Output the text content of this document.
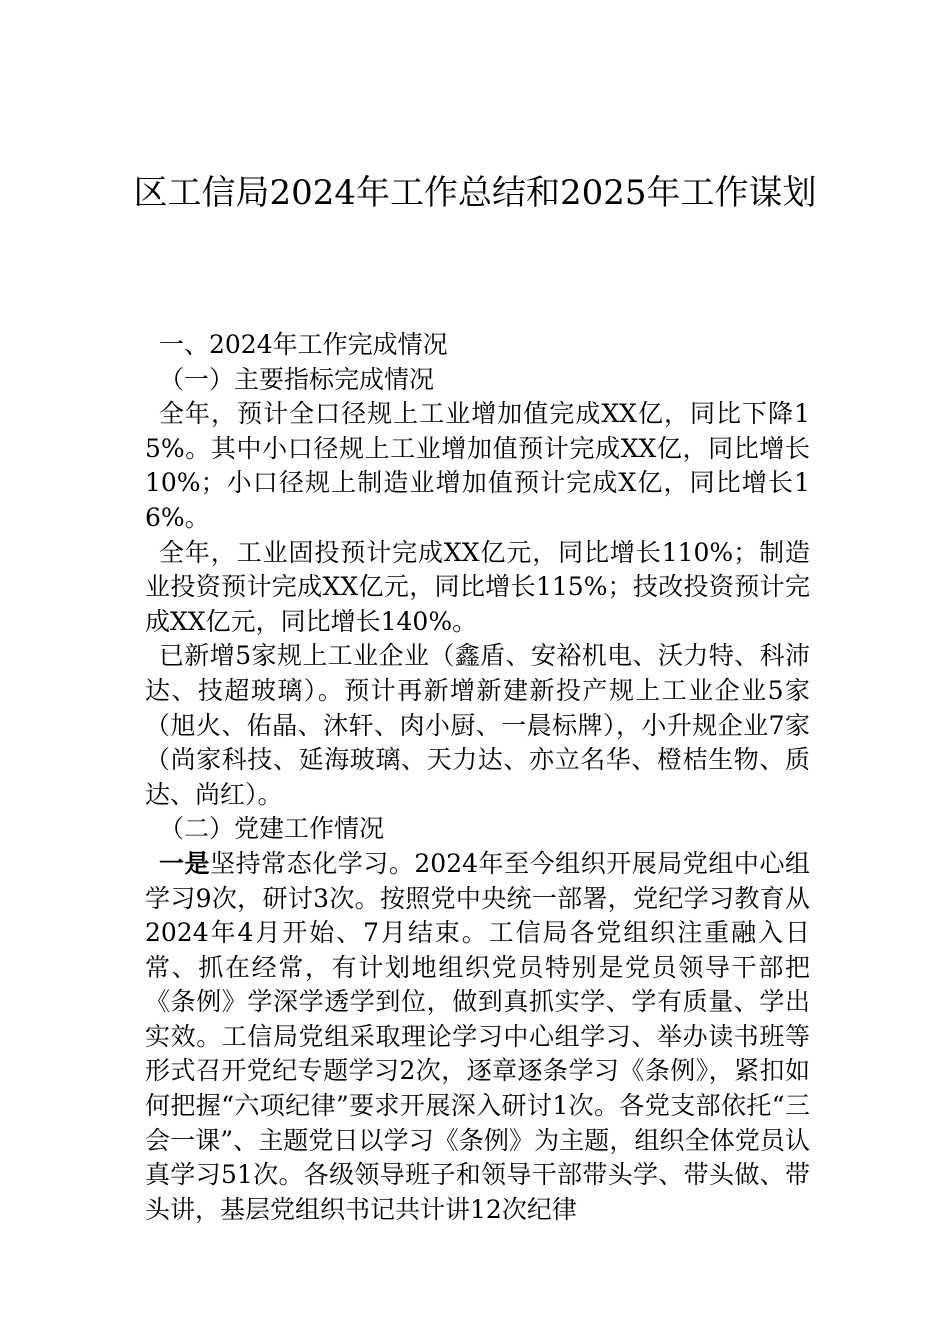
区工信局2024年工作总结和2025年工作谋划

一、2024年工作完成情况

（一）主要指标完成情况

全年，预计全口径规上工业增加值完成XX亿，同比下降15%。其中小口径规上工业增加值预计完成XX亿，同比增长10%；小口径规上制造业增加值预计完成X亿，同比增长16%。

全年，工业固投预计完成XX亿元，同比增长110%；制造业投资预计完成XX亿元，同比增长115%；技改投资预计完成XX亿元，同比增长140%。

已新增5家规上工业企业（鑫盾、安裕机电、沃力特、科沛达、技超玻璃）。预计再新增新建新投产规上工业企业5家（旭火、佑晶、沐轩、肉小厨、一晨标牌），小升规企业7家（尚家科技、延海玻璃、天力达、亦立名华、橙桔生物、质达、尚红）。

（二）党建工作情况

一是坚持常态化学习。2024年至今组织开展局党组中心组学习9次，研讨3次。按照党中央统一部署，党纪学习教育从2024年4月开始、7月结束。工信局各党组织注重融入日常、抓在经常，有计划地组织党员特别是党员领导干部把《条例》学深学透学到位，做到真抓实学、学有质量、学出实效。工信局党组采取理论学习中心组学习、举办读书班等形式召开党纪专题学习2次，逐章逐条学习《条例》，紧扣如何把握“六项纪律”要求开展深入研讨1次。各党支部依托“三会一课”、主题党日以学习《条例》为主题，组织全体党员认真学习51次。各级领导班子和领导干部带头学、带头做、带头讲，基层党组织书记共计讲12次纪律
